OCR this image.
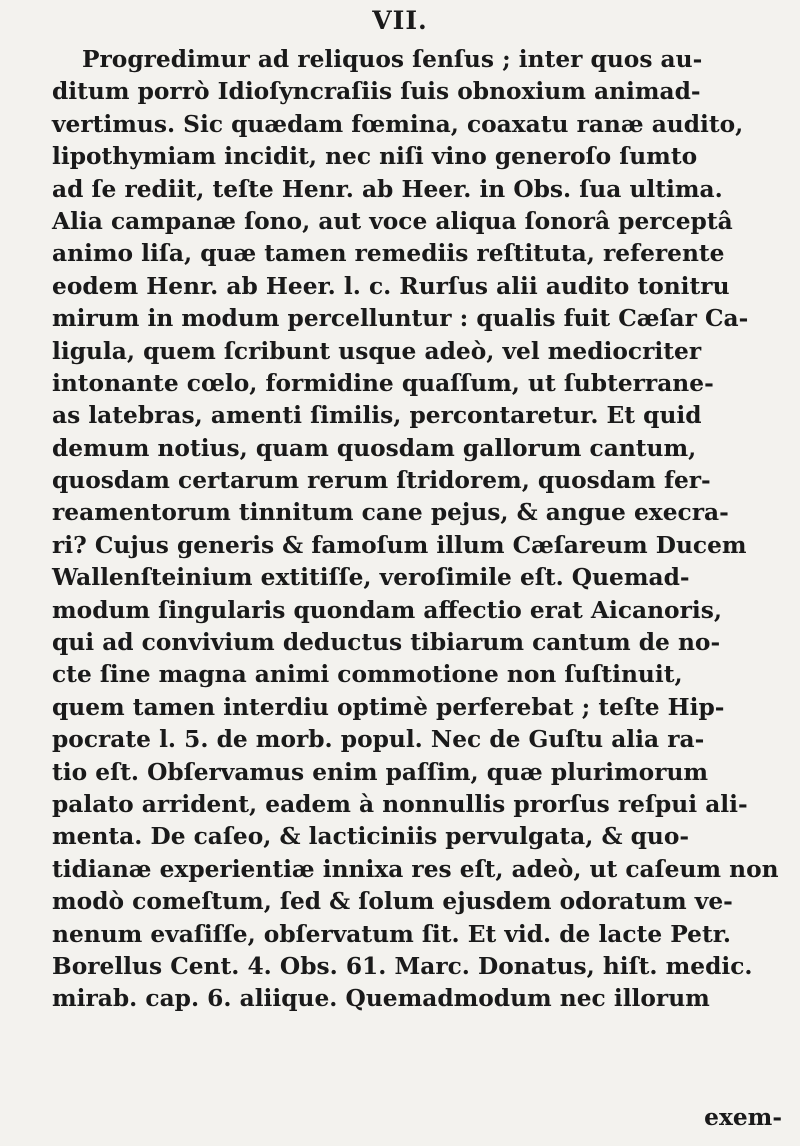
VII.
Progredimur ad reliquos ſenſus ; inter quos au-
ditum porrò Idioſyncraſiis ſuis obnoxium animad-
vertimus. Sic quædam fœmina, coaxatu ranæ audito,
lipothymiam incidit, nec niſi vino generoſo ſumto
ad ſe rediit, teſte Henr. ab Heer. in Obs. ſua ultima.
Alia campanæ ſono, aut voce aliqua ſonorâ perceptâ
animo liſa, quæ tamen remediis reſtituta, referente
eodem Henr. ab Heer. l. c. Rurſus alii audito tonitru
mirum in modum percelluntur : qualis fuit Cæſar Ca-
ligula, quem ſcribunt usque adeò, vel mediocriter
intonante cœlo, formidine quaſſum, ut ſubterrane-
as latebras, amenti ſimilis, percontaretur. Et quid
demum notius, quam quosdam gallorum cantum,
quosdam certarum rerum ſtridorem, quosdam fer-
reamentorum tinnitum cane pejus, & angue execra-
ri? Cujus generis & famoſum illum Cæſareum Ducem
Wallenſteinium extitiſſe, veroſimile eſt. Quemad-
modum ſingularis quondam affectio erat Aicanoris,
qui ad convivium deductus tibiarum cantum de no-
cte ſine magna animi commotione non ſuſtinuit,
quem tamen interdiu optimè perferebat ; teſte Hip-
pocrate l. 5. de morb. popul. Nec de Guſtu alia ra-
tio eſt. Obſervamus enim paſſim, quæ plurimorum
palato arrident, eadem à nonnullis prorſus reſpui ali-
menta. De caſeo, & lacticiniis pervulgata, & quo-
tidianæ experientiæ innixa res eſt, adeò, ut caſeum non
modò comeſtum, ſed & ſolum ejusdem odoratum ve-
nenum evaſiſſe, obſervatum ſit. Et vid. de lacte Petr.
Borellus Cent. 4. Obs. 61. Marc. Donatus, hiſt. medic.
mirab. cap. 6. aliique. Quemadmodum nec illorum
exem-
